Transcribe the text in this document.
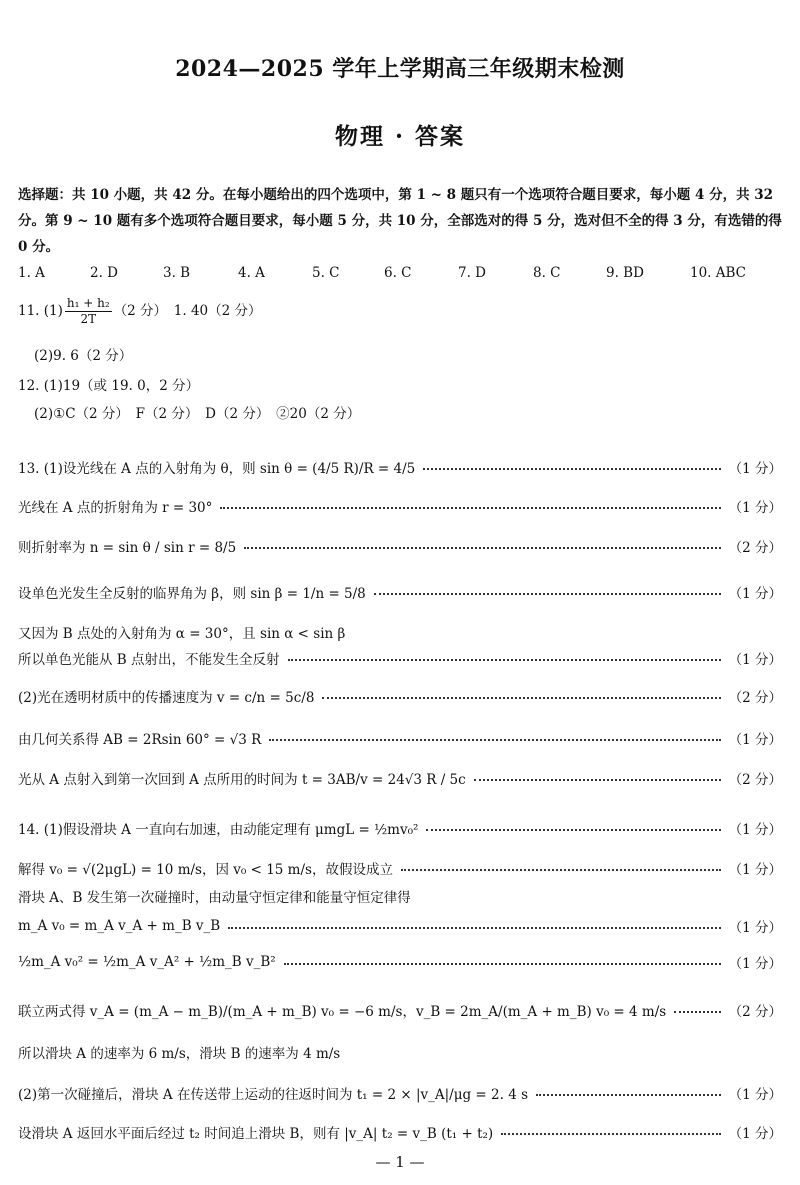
2024—2025 学年上学期高三年级期末检测
物理 · 答案

选择题：共 10 小题，共 42 分。在每小题给出的四个选项中，第 1 ~ 8 题只有一个选项符合题目要求，每小题 4 分，共 32 分。第 9 ~ 10 题有多个选项符合题目要求，每小题 5 分，共 10 分，全部选对的得 5 分，选对但不全的得 3 分，有选错的得 0 分。

1. A	2. D	3. B	4. A	5. C	6. C	7. D	8. C	9. BD	10. ABC
11. $(1) \frac{\text{h₁ + h₂}}{2T} (2$ 分）　1. 40（2 分）
(2)9. 6（2 分）
12. (1)19（或 19. 0，2 分）
(2)①C（2 分）　F（2 分）　D（2 分）　②20（2 分）
13. (1)设光线在 A 点的入射角为 θ，则 sin θ = (4/5 R)/R = 4/5	（1 分）
光线在 A 点的折射角为 r = 30°	（1 分）
则折射率为 n = sin θ / sin r = 8/5	（2 分）
设单色光发生全反射的临界角为 β，则 sin β = 1/n = 5/8	（1 分）
又因为 B 点处的入射角为 α = 30°，且 sin α < sin β
所以单色光能从 B 点射出，不能发生全反射	（1 分）
(2)光在透明材质中的传播速度为 v = c/n = 5c/8	（2 分）
由几何关系得 AB = 2Rsin 60° = √3 R	（1 分）
光从 A 点射入到第一次回到 A 点所用的时间为 t = 3AB/v = 24√3 R / 5c	（2 分）
14. (1)假设滑块 A 一直向右加速，由动能定理有 μmgL = ½mv₀²	（1 分）
解得 v₀ = √(2μgL) = 10 m/s，因 v₀ < 15 m/s，故假设成立	（1 分）
滑块 A、B 发生第一次碰撞时，由动量守恒定律和能量守恒定律得
m_A v₀ = m_A v_A + m_B v_B	（1 分）
½m_A v₀² = ½m_A v_A² + ½m_B v_B²	（1 分）
联立两式得 v_A = (m_A − m_B)/(m_A + m_B) v₀ = −6 m/s，v_B = 2m_A/(m_A + m_B) v₀ = 4 m/s	（2 分）
所以滑块 A 的速率为 6 m/s，滑块 B 的速率为 4 m/s
(2)第一次碰撞后，滑块 A 在传送带上运动的往返时间为 t₁ = 2 × |v_A|/μg = 2. 4 s	（1 分）
设滑块 A 返回水平面后经过 t₂ 时间追上滑块 B，则有 |v_A| t₂ = v_B (t₁ + t₂)	（1 分）
— 1 —
